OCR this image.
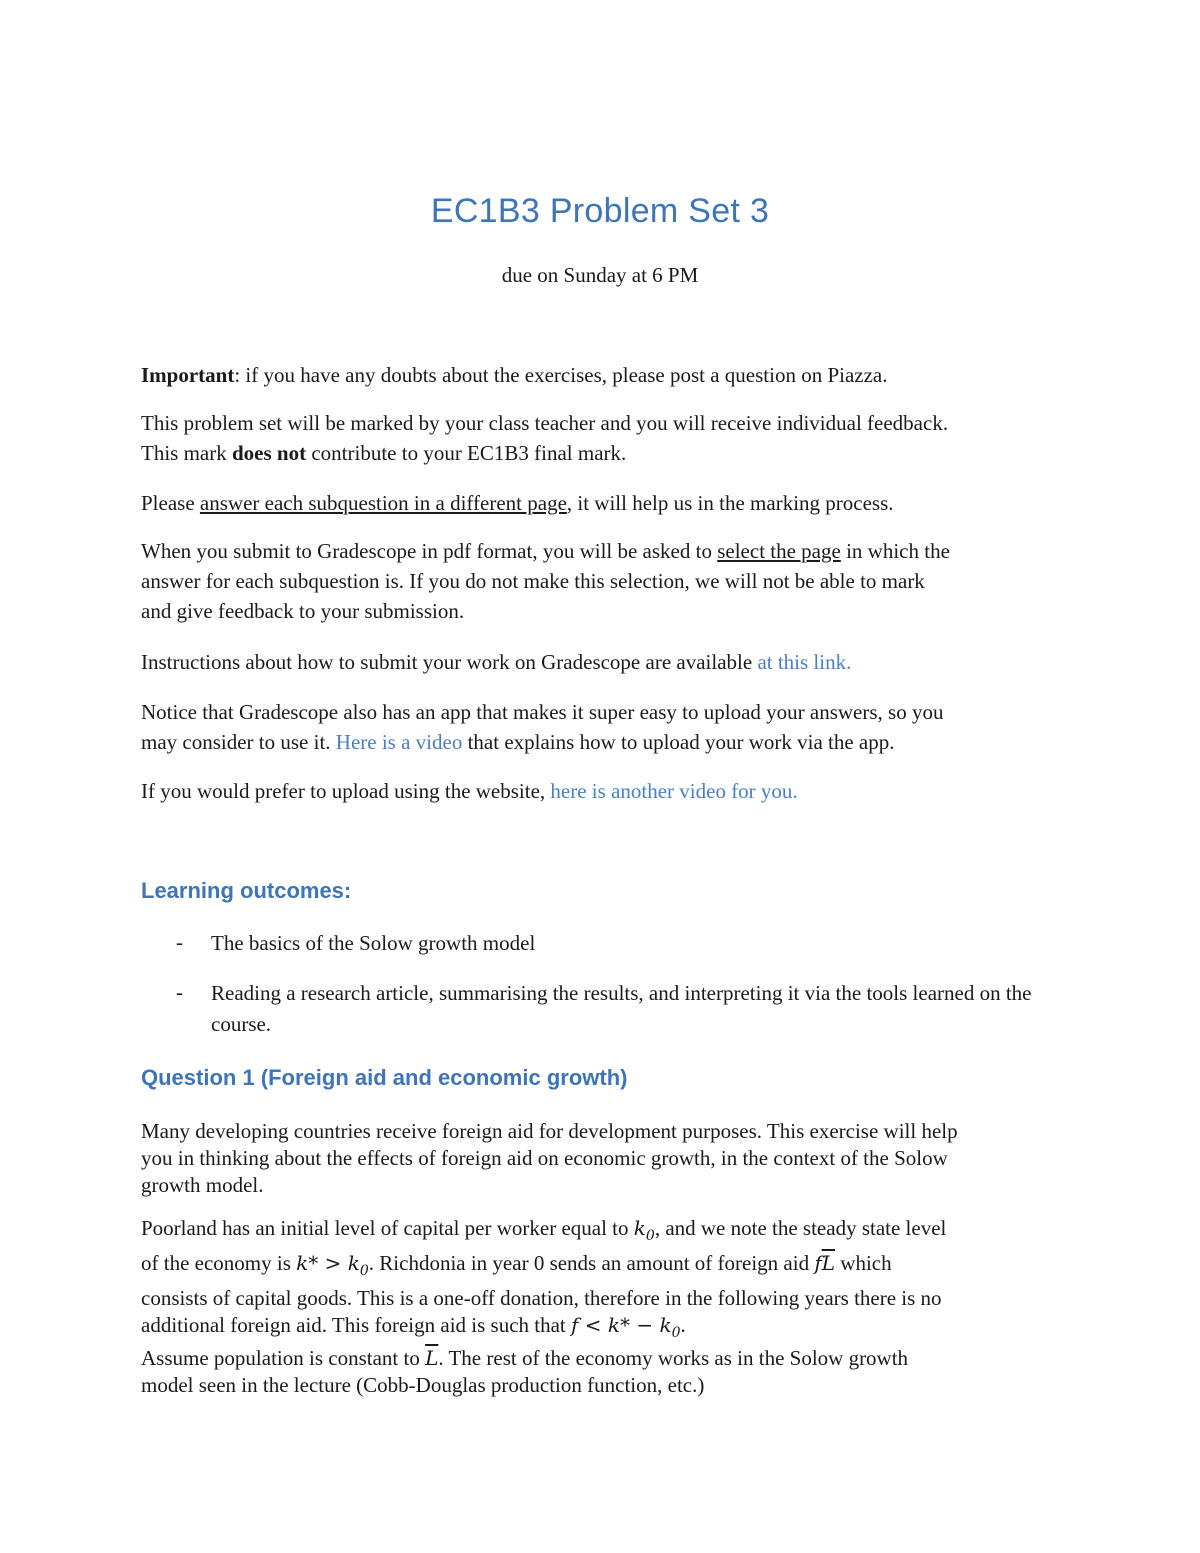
EC1B3 Problem Set 3
due on Sunday at 6 PM

Important: if you have any doubts about the exercises, please post a question on Piazza.

This problem set will be marked by your class teacher and you will receive individual feedback.
This mark does not contribute to your EC1B3 final mark.

Please answer each subquestion in a different page, it will help us in the marking process.

When you submit to Gradescope in pdf format, you will be asked to select the page in which the
answer for each subquestion is. If you do not make this selection, we will not be able to mark
and give feedback to your submission.

Instructions about how to submit your work on Gradescope are available at this link.

Notice that Gradescope also has an app that makes it super easy to upload your answers, so you
may consider to use it. Here is a video that explains how to upload your work via the app.

If you would prefer to upload using the website, here is another video for you.

Learning outcomes:
- The basics of the Solow growth model
- Reading a research article, summarising the results, and interpreting it via the tools learned on the course.
Question 1 (Foreign aid and economic growth)

Many developing countries receive foreign aid for development purposes. This exercise will help
you in thinking about the effects of foreign aid on economic growth, in the context of the Solow
growth model.

Poorland has an initial level of capital per worker equal to $k_0$, and we note the steady state level
of the economy is $k* > k_0$. Richdonia in year 0 sends an amount of foreign aid $f\overline{L}$ which
consists of capital goods. This is a one-off donation, therefore in the following years there is no
additional foreign aid. This foreign aid is such that $f < k* - k_0$.

Assume population is constant to $\overline{L}$. The rest of the economy works as in the Solow growth
model seen in the lecture (Cobb-Douglas production function, etc.)
